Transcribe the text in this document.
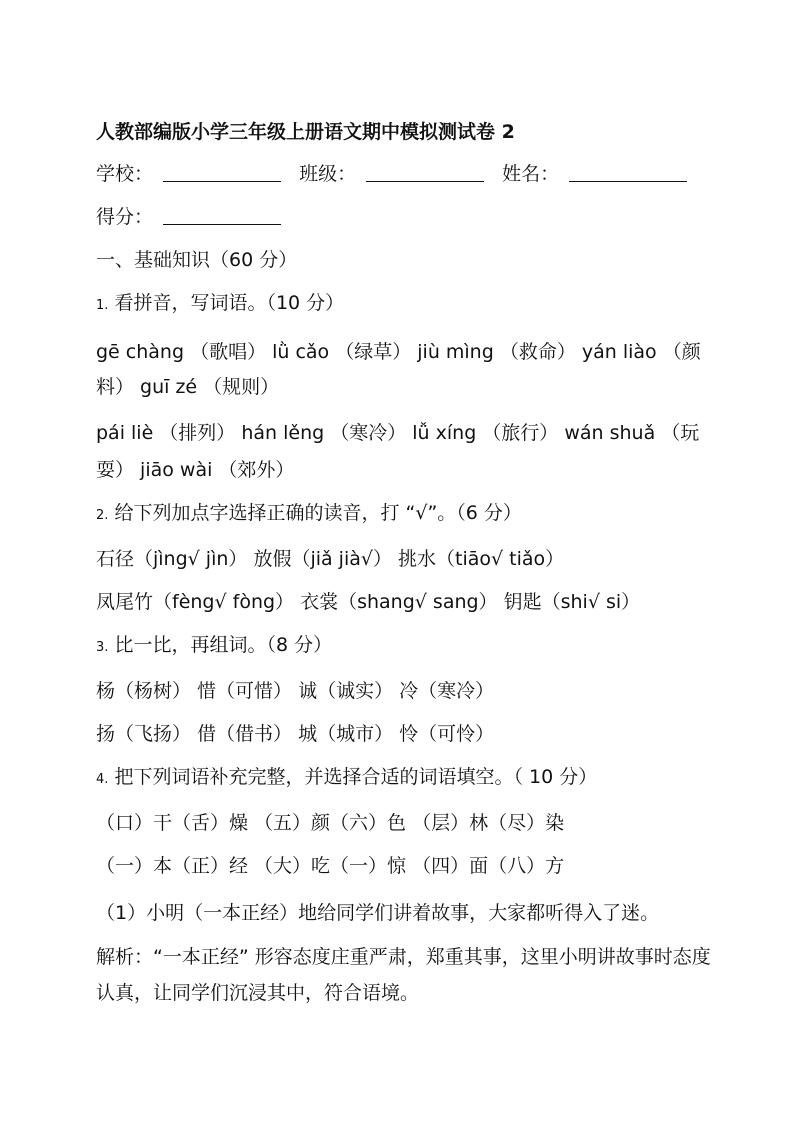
人教部编版小学三年级上册语文期中模拟测试卷 2
学校：	班级：	姓名：
得分：
一、基础知识（60 分）
1. 看拼音，写词语。（10 分）
gē chàng （歌唱） lǜ cǎo （绿草） jiù mìng （救命） yán liào （颜料） guī zé （规则）
pái liè （排列） hán lěng （寒冷） lǚ xíng （旅行） wán shuǎ （玩耍） jiāo wài （郊外）
2. 给下列加点字选择正确的读音，打 “√”。（6 分）
石径（jìng√ jìn） 放假（jiǎ jià√） 挑水（tiāo√ tiǎo）
凤尾竹（fèng√ fòng） 衣裳（shang√ sang） 钥匙（shi√ si）
3. 比一比，再组词。（8 分）
杨（杨树） 惜（可惜） 诚（诚实） 冷（寒冷）
扬（飞扬） 借（借书） 城（城市） 怜（可怜）
4. 把下列词语补充完整，并选择合适的词语填空。（ 10 分）
（口）干（舌）燥 （五）颜（六）色 （层）林（尽）染
（一）本（正）经 （大）吃（一）惊 （四）面（八）方
（1）小明（一本正经）地给同学们讲着故事，大家都听得入了迷。
解析：“一本正经” 形容态度庄重严肃，郑重其事，这里小明讲故事时态度认真，让同学们沉浸其中，符合语境。
